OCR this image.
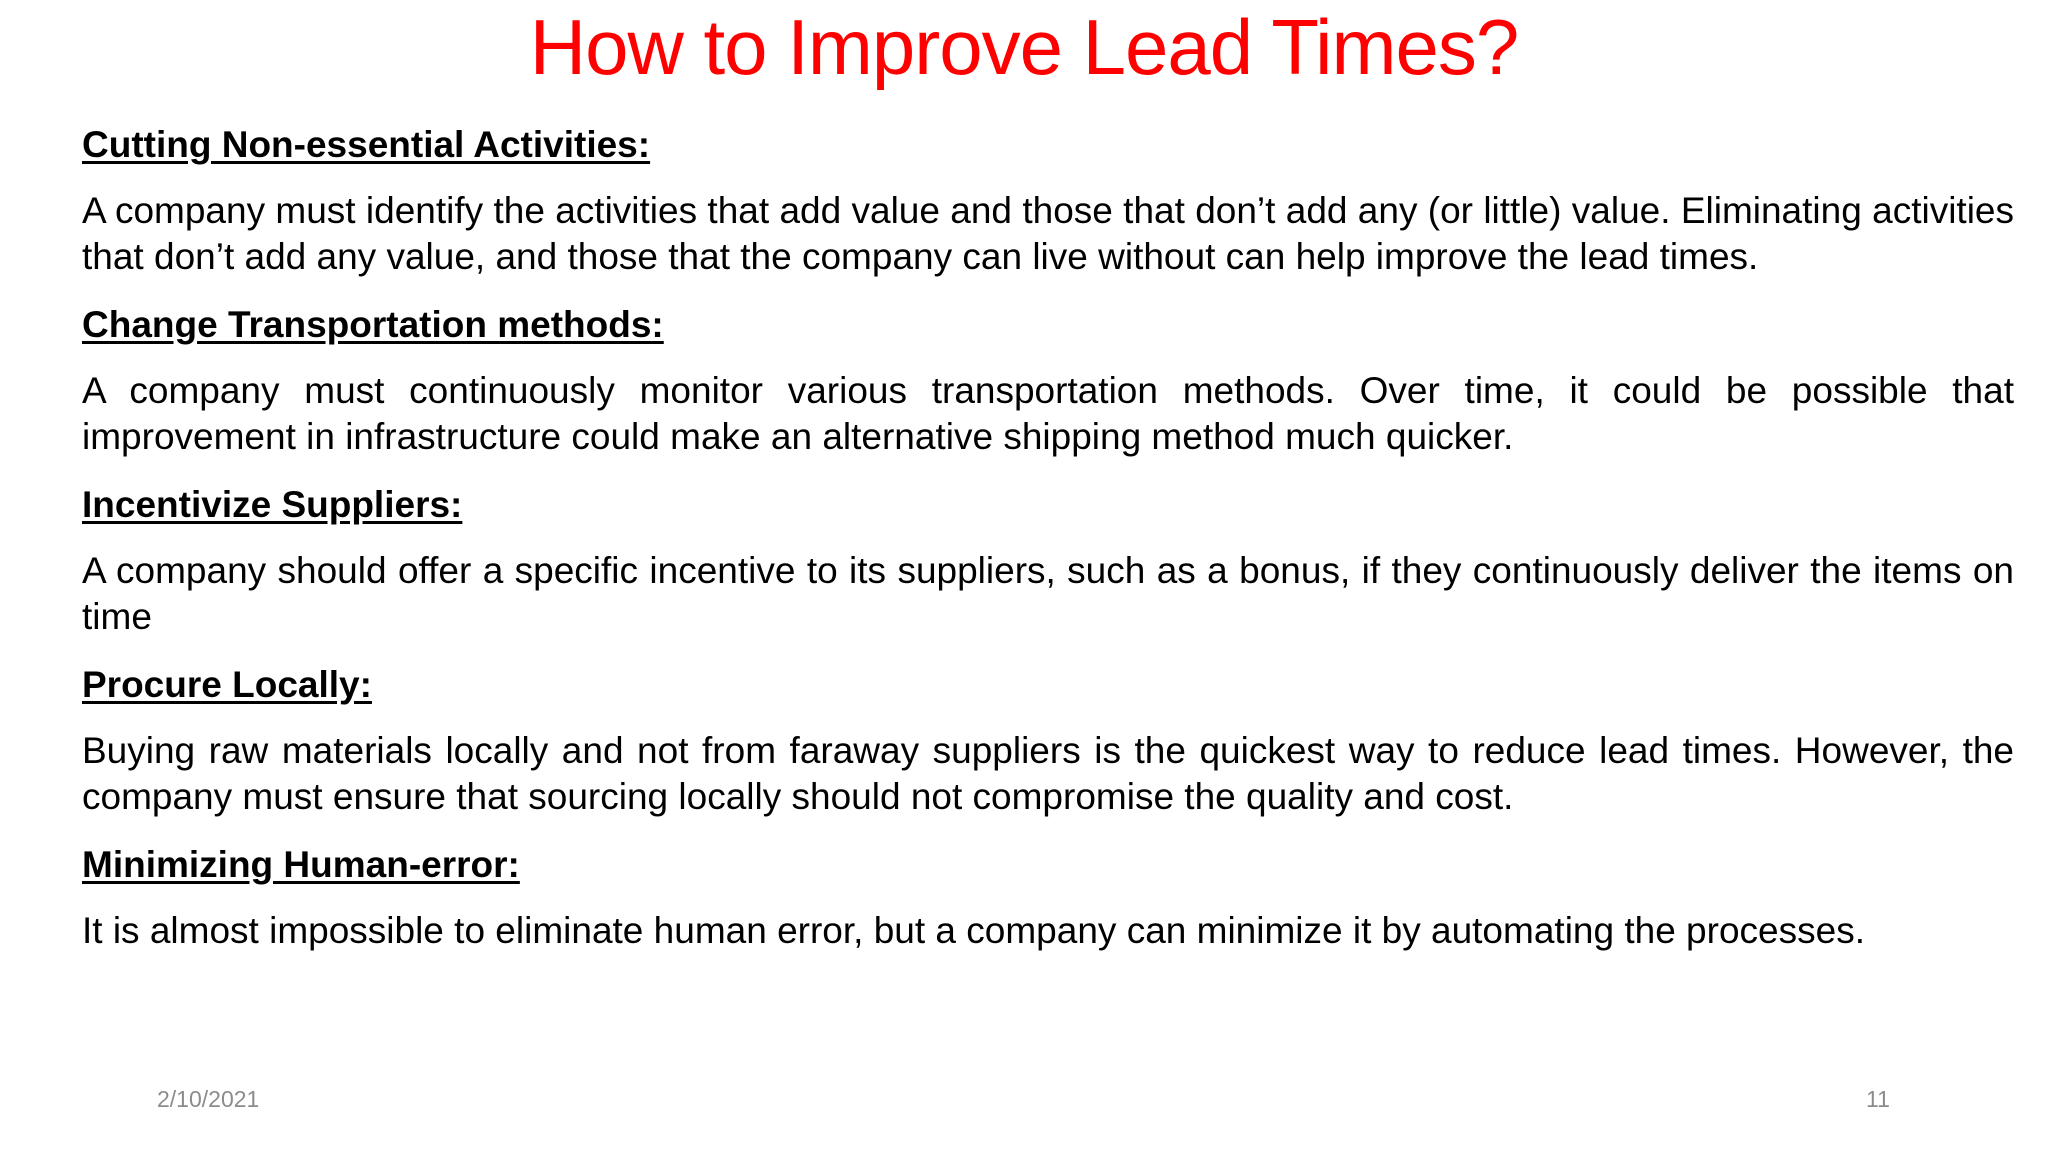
How to Improve Lead Times?

Cutting Non-essential Activities:

A company must identify the activities that add value and those that don’t add any (or little) value. Eliminating activities that don’t add any value, and those that the company can live without can help improve the lead times.

Change Transportation methods:

A company must continuously monitor various transportation methods. Over time, it could be possible that improvement in infrastructure could make an alternative shipping method much quicker.

Incentivize Suppliers:

A company should offer a specific incentive to its suppliers, such as a bonus, if they continuously deliver the items on time

Procure Locally:

Buying raw materials locally and not from faraway suppliers is the quickest way to reduce lead times. However, the company must ensure that sourcing locally should not compromise the quality and cost.

Minimizing Human-error:

It is almost impossible to eliminate human error, but a company can minimize it by automating the processes.

2/10/2021	11
